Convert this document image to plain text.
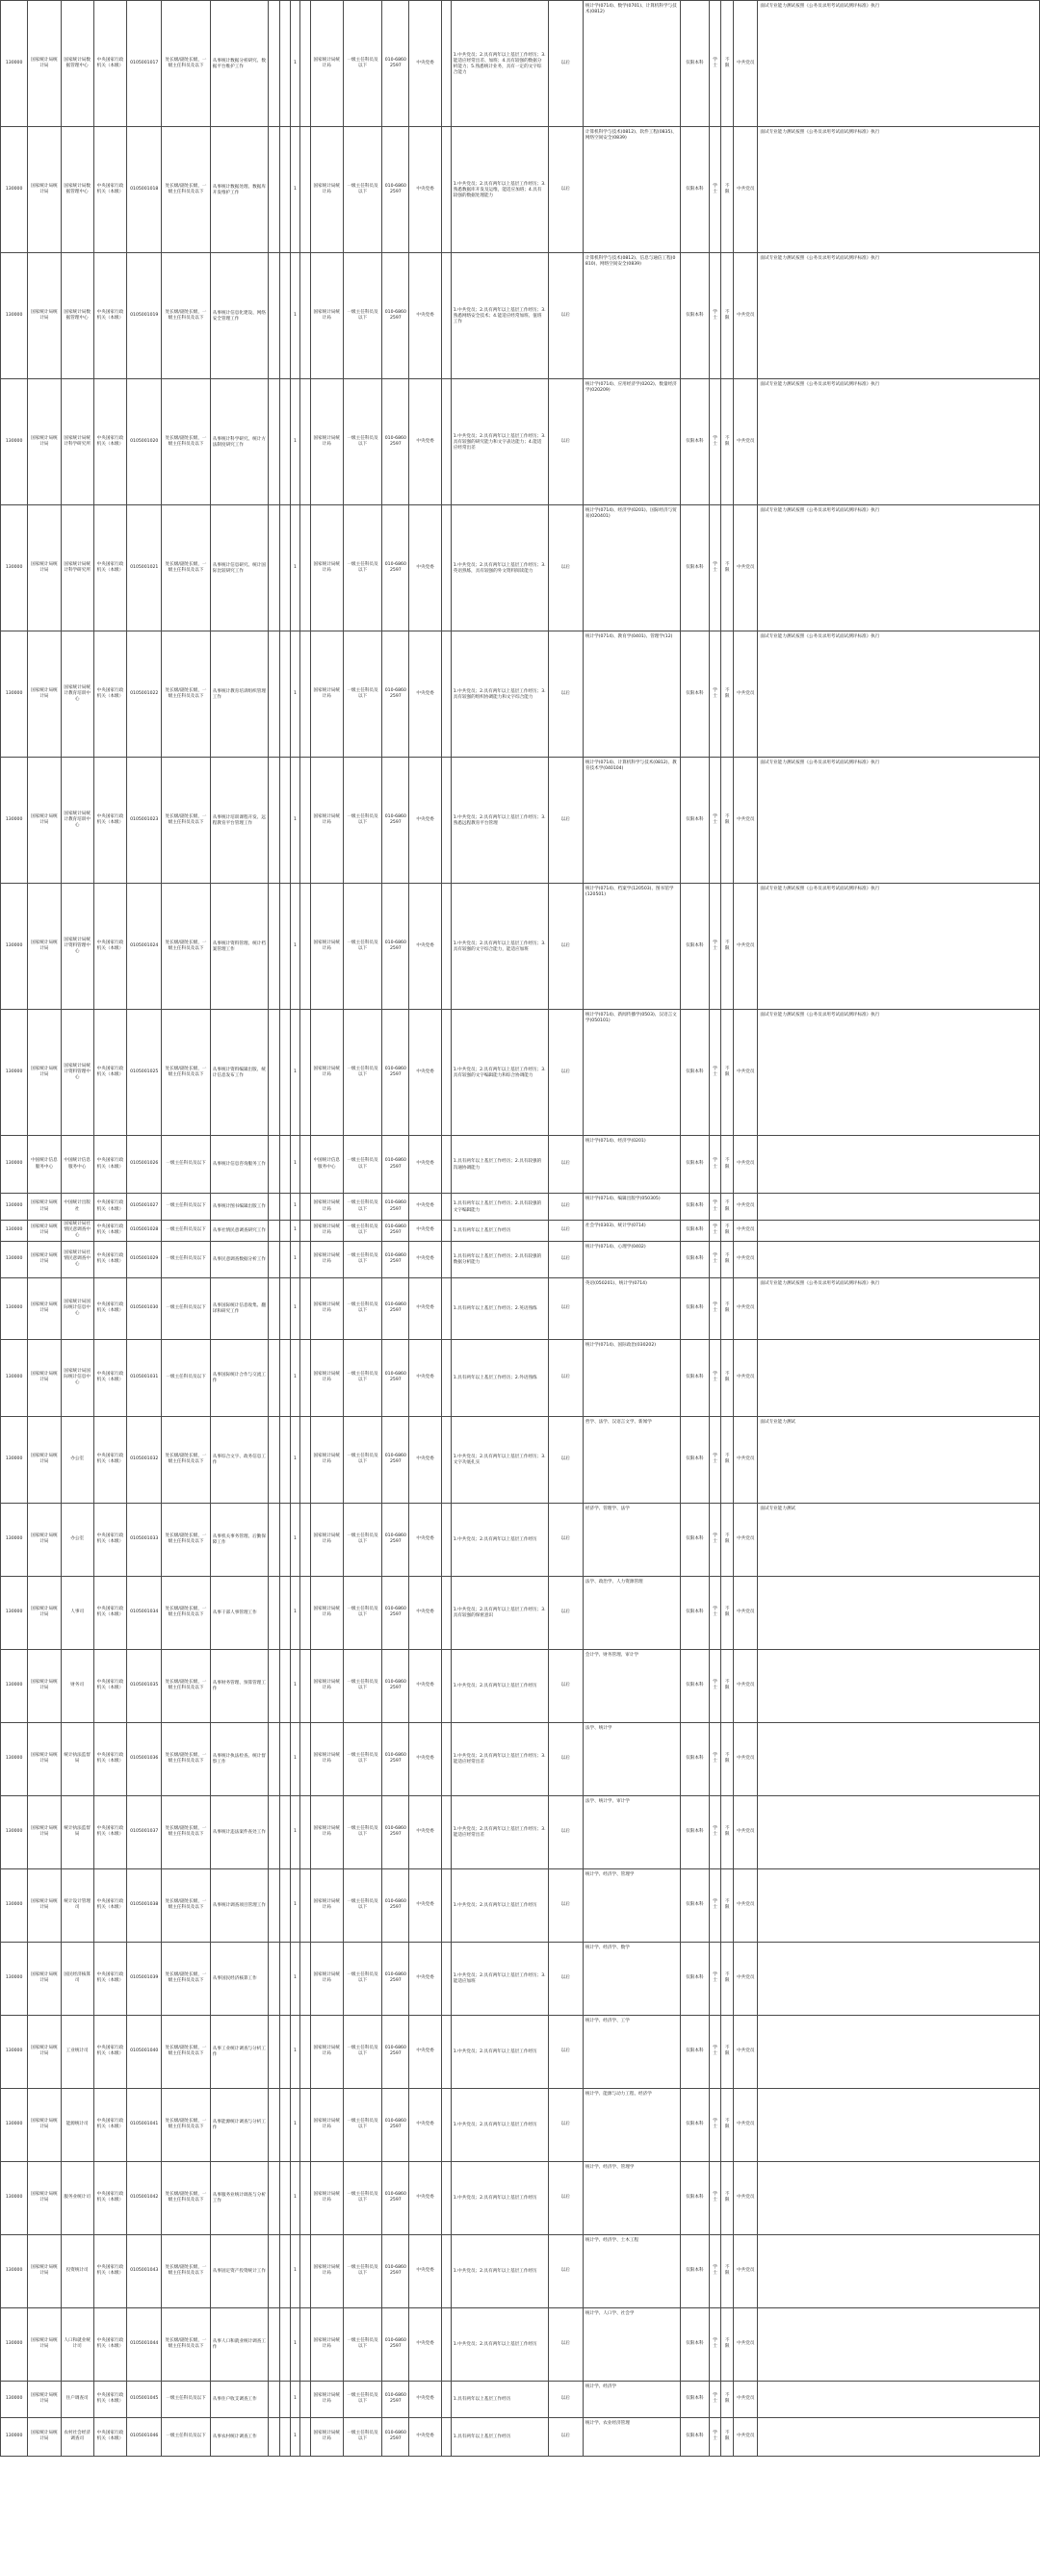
130000	国家统计局统计局	国家统计局数据管理中心	中央国家行政机关（本级）	0105001017	处长级/副处长级，一级主任科员及以下	从事统计数据分析研究、数据平台维护工作			1		国家统计局统计局	一级主任科员及以下	010-68602597	中央党委		1.中共党员；2.具有两年以上基层工作经历；3.能适应经常出差、加班；4.具有较强的数据分析能力；5.熟悉统计业务，具有一定的文字综合能力	以后	统计学(0714)、数学(0701)、计算机科学与技术(0812)	仅限本科	学士	不限	中共党员	面试专业能力测试按照《公务员录用考试面试测评标准》执行
130000	国家统计局统计局	国家统计局数据管理中心	中央国家行政机关（本级）	0105001018	处长级/副处长级，一级主任科员及以下	从事统计数据处理、数据库开发维护工作			1		国家统计局统计局	一级主任科员及以下	010-68602597	中央党委		1.中共党员；2.具有两年以上基层工作经历；3.熟悉数据库开发及运维，能适应加班；4.具有较强的数据处理能力	以后	计算机科学与技术(0812)、软件工程(0835)、网络空间安全(0839)	仅限本科	学士	不限	中共党员	面试专业能力测试按照《公务员录用考试面试测评标准》执行
130000	国家统计局统计局	国家统计局数据管理中心	中央国家行政机关（本级）	0105001019	处长级/副处长级，一级主任科员及以下	从事统计信息化建设、网络安全管理工作			1		国家统计局统计局	一级主任科员及以下	010-68602597	中央党委		1.中共党员；2.具有两年以上基层工作经历；3.熟悉网络安全技术；4.能适应经常加班、值班工作	以后	计算机科学与技术(0812)、信息与通信工程(0810)、网络空间安全(0839)	仅限本科	学士	不限	中共党员	面试专业能力测试按照《公务员录用考试面试测评标准》执行
130000	国家统计局统计局	国家统计局统计科学研究所	中央国家行政机关（本级）	0105001020	处长级/副处长级，一级主任科员及以下	从事统计科学研究、统计方法制度研究工作			1		国家统计局统计局	一级主任科员及以下	010-68602597	中央党委		1.中共党员；2.具有两年以上基层工作经历；3.具有较强的研究能力和文字表达能力；4.能适应经常出差	以后	统计学(0714)、应用经济学(0202)、数量经济学(020209)	仅限本科	学士	不限	中共党员	面试专业能力测试按照《公务员录用考试面试测评标准》执行
130000	国家统计局统计局	国家统计局统计科学研究所	中央国家行政机关（本级）	0105001021	处长级/副处长级，一级主任科员及以下	从事统计信息研究、统计国际比较研究工作			1		国家统计局统计局	一级主任科员及以下	010-68602597	中央党委		1.中共党员；2.具有两年以上基层工作经历；3.英语熟练，具有较强的外文资料阅读能力	以后	统计学(0714)、经济学(0201)、国际经济与贸易(020401)	仅限本科	学士	不限	中共党员	面试专业能力测试按照《公务员录用考试面试测评标准》执行
130000	国家统计局统计局	国家统计局统计教育培训中心	中央国家行政机关（本级）	0105001022	处长级/副处长级，一级主任科员及以下	从事统计教育培训组织管理工作			1		国家统计局统计局	一级主任科员及以下	010-68602597	中央党委		1.中共党员；2.具有两年以上基层工作经历；3.具有较强的组织协调能力和文字综合能力	以后	统计学(0714)、教育学(0401)、管理学(12)	仅限本科	学士	不限	中共党员	面试专业能力测试按照《公务员录用考试面试测评标准》执行
130000	国家统计局统计局	国家统计局统计教育培训中心	中央国家行政机关（本级）	0105001023	处长级/副处长级，一级主任科员及以下	从事统计培训课程开发、远程教育平台管理工作			1		国家统计局统计局	一级主任科员及以下	010-68602597	中央党委		1.中共党员；2.具有两年以上基层工作经历；3.熟悉远程教育平台管理	以后	统计学(0714)、计算机科学与技术(0812)、教育技术学(040104)	仅限本科	学士	不限	中共党员	面试专业能力测试按照《公务员录用考试面试测评标准》执行
130000	国家统计局统计局	国家统计局统计资料管理中心	中央国家行政机关（本级）	0105001024	处长级/副处长级，一级主任科员及以下	从事统计资料管理、统计档案管理工作			1		国家统计局统计局	一级主任科员及以下	010-68602597	中央党委		1.中共党员；2.具有两年以上基层工作经历；3.具有较强的文字综合能力，能适应加班	以后	统计学(0714)、档案学(120503)、图书馆学(120501)	仅限本科	学士	不限	中共党员	面试专业能力测试按照《公务员录用考试面试测评标准》执行
130000	国家统计局统计局	国家统计局统计资料管理中心	中央国家行政机关（本级）	0105001025	处长级/副处长级，一级主任科员及以下	从事统计资料编辑出版、统计信息发布工作			1		国家统计局统计局	一级主任科员及以下	010-68602597	中央党委		1.中共党员；2.具有两年以上基层工作经历；3.具有较强的文字编辑能力和综合协调能力	以后	统计学(0714)、新闻传播学(0503)、汉语言文学(050101)	仅限本科	学士	不限	中共党员	面试专业能力测试按照《公务员录用考试面试测评标准》执行
130000	中国统计信息服务中心	中国统计信息服务中心	中央国家行政机关（本级）	0105001026	一级主任科员及以下	从事统计信息咨询服务工作			1		中国统计信息服务中心	一级主任科员及以下	010-68602597	中央党委		1.具有两年以上基层工作经历；2.具有较强的沟通协调能力	以后	统计学(0714)、经济学(0201)	仅限本科	学士	不限	中共党员	
130000	国家统计局统计局	中国统计出版社	中央国家行政机关（本级）	0105001027	一级主任科员及以下	从事统计图书编辑出版工作			1		国家统计局统计局	一级主任科员及以下	010-68602597	中央党委		1.具有两年以上基层工作经历；2.具有较强的文字编辑能力	以后	统计学(0714)、编辑出版学(050305)	仅限本科	学士	不限	中共党员	
130000	国家统计局统计局	国家统计局社情民意调查中心	中央国家行政机关（本级）	0105001028	一级主任科员及以下	从事社情民意调查研究工作			1		国家统计局统计局	一级主任科员及以下	010-68602597	中央党委		1.具有两年以上基层工作经历	以后	社会学(0303)、统计学(0714)	仅限本科	学士	不限	中共党员	
130000	国家统计局统计局	国家统计局社情民意调查中心	中央国家行政机关（本级）	0105001029	一级主任科员及以下	从事民意调查数据分析工作			1		国家统计局统计局	一级主任科员及以下	010-68602597	中央党委		1.具有两年以上基层工作经历；2.具有较强的数据分析能力	以后	统计学(0714)、心理学(0402)	仅限本科	学士	不限	中共党员	
130000	国家统计局统计局	国家统计局国际统计信息中心	中央国家行政机关（本级）	0105001030	一级主任科员及以下	从事国际统计信息收集、翻译和研究工作			1		国家统计局统计局	一级主任科员及以下	010-68602597	中央党委		1.具有两年以上基层工作经历；2.英语熟练	以后	英语(050201)、统计学(0714)	仅限本科	学士	不限	中共党员	面试专业能力测试按照《公务员录用考试面试测评标准》执行
130000	国家统计局统计局	国家统计局国际统计信息中心	中央国家行政机关（本级）	0105001031	一级主任科员及以下	从事国际统计合作与交流工作			1		国家统计局统计局	一级主任科员及以下	010-68602597	中央党委		1.具有两年以上基层工作经历；2.外语熟练	以后	统计学(0714)、国际政治(030202)	仅限本科	学士	不限	中共党员	
130000	国家统计局统计局	办公室	中央国家行政机关（本级）	0105001032	处长级/副处长级，一级主任科员及以下	从事综合文字、政务信息工作			1		国家统计局统计局	一级主任科员及以下	010-68602597	中央党委		1.中共党员；2.具有两年以上基层工作经历；3.文字功底扎实	以后	哲学、法学、汉语言文学、新闻学	仅限本科	学士	不限	中共党员	面试专业能力测试
130000	国家统计局统计局	办公室	中央国家行政机关（本级）	0105001033	处长级/副处长级，一级主任科员及以下	从事机关事务管理、后勤保障工作			1		国家统计局统计局	一级主任科员及以下	010-68602597	中央党委		1.中共党员；2.具有两年以上基层工作经历	以后	经济学、管理学、法学	仅限本科	学士	不限	中共党员	面试专业能力测试
130000	国家统计局统计局	人事司	中央国家行政机关（本级）	0105001034	处长级/副处长级，一级主任科员及以下	从事干部人事管理工作			1		国家统计局统计局	一级主任科员及以下	010-68602597	中央党委		1.中共党员；2.具有两年以上基层工作经历；3.具有较强的保密意识	以后	法学、政治学、人力资源管理	仅限本科	学士	不限	中共党员	
130000	国家统计局统计局	财务司	中央国家行政机关（本级）	0105001035	处长级/副处长级，一级主任科员及以下	从事财务管理、预算管理工作			1		国家统计局统计局	一级主任科员及以下	010-68602597	中央党委		1.中共党员；2.具有两年以上基层工作经历	以后	会计学、财务管理、审计学	仅限本科	学士	不限	中共党员	
130000	国家统计局统计局	统计执法监督局	中央国家行政机关（本级）	0105001036	处长级/副处长级，一级主任科员及以下	从事统计执法检查、统计督察工作			1		国家统计局统计局	一级主任科员及以下	010-68602597	中央党委		1.中共党员；2.具有两年以上基层工作经历；3.能适应经常出差	以后	法学、统计学	仅限本科	学士	不限	中共党员	
130000	国家统计局统计局	统计执法监督局	中央国家行政机关（本级）	0105001037	处长级/副处长级，一级主任科员及以下	从事统计违法案件查处工作			1		国家统计局统计局	一级主任科员及以下	010-68602597	中央党委		1.中共党员；2.具有两年以上基层工作经历；3.能适应经常出差	以后	法学、统计学、审计学	仅限本科	学士	不限	中共党员	
130000	国家统计局统计局	统计设计管理司	中央国家行政机关（本级）	0105001038	处长级/副处长级，一级主任科员及以下	从事统计调查项目管理工作			1		国家统计局统计局	一级主任科员及以下	010-68602597	中央党委		1.中共党员；2.具有两年以上基层工作经历	以后	统计学、经济学、管理学	仅限本科	学士	不限	中共党员	
130000	国家统计局统计局	国民经济核算司	中央国家行政机关（本级）	0105001039	处长级/副处长级，一级主任科员及以下	从事国民经济核算工作			1		国家统计局统计局	一级主任科员及以下	010-68602597	中央党委		1.中共党员；2.具有两年以上基层工作经历；3.能适应加班	以后	统计学、经济学、数学	仅限本科	学士	不限	中共党员	
130000	国家统计局统计局	工业统计司	中央国家行政机关（本级）	0105001040	处长级/副处长级，一级主任科员及以下	从事工业统计调查与分析工作			1		国家统计局统计局	一级主任科员及以下	010-68602597	中央党委		1.中共党员；2.具有两年以上基层工作经历	以后	统计学、经济学、工学	仅限本科	学士	不限	中共党员	
130000	国家统计局统计局	能源统计司	中央国家行政机关（本级）	0105001041	处长级/副处长级，一级主任科员及以下	从事能源统计调查与分析工作			1		国家统计局统计局	一级主任科员及以下	010-68602597	中央党委		1.中共党员；2.具有两年以上基层工作经历	以后	统计学、能源与动力工程、经济学	仅限本科	学士	不限	中共党员	
130000	国家统计局统计局	服务业统计司	中央国家行政机关（本级）	0105001042	处长级/副处长级，一级主任科员及以下	从事服务业统计调查与分析工作			1		国家统计局统计局	一级主任科员及以下	010-68602597	中央党委		1.中共党员；2.具有两年以上基层工作经历	以后	统计学、经济学、管理学	仅限本科	学士	不限	中共党员	
130000	国家统计局统计局	投资统计司	中央国家行政机关（本级）	0105001043	处长级/副处长级，一级主任科员及以下	从事固定资产投资统计工作			1		国家统计局统计局	一级主任科员及以下	010-68602597	中央党委		1.中共党员；2.具有两年以上基层工作经历	以后	统计学、经济学、土木工程	仅限本科	学士	不限	中共党员	
130000	国家统计局统计局	人口和就业统计司	中央国家行政机关（本级）	0105001044	处长级/副处长级，一级主任科员及以下	从事人口和就业统计调查工作			1		国家统计局统计局	一级主任科员及以下	010-68602597	中央党委		1.中共党员；2.具有两年以上基层工作经历	以后	统计学、人口学、社会学	仅限本科	学士	不限	中共党员	
130000	国家统计局统计局	住户调查司	中央国家行政机关（本级）	0105001045	一级主任科员及以下	从事住户收支调查工作			1		国家统计局统计局	一级主任科员及以下	010-68602597	中央党委		1.具有两年以上基层工作经历	以后	统计学、经济学	仅限本科	学士	不限	中共党员	
130000	国家统计局统计局	农村社会经济调查司	中央国家行政机关（本级）	0105001046	一级主任科员及以下	从事农村统计调查工作			1		国家统计局统计局	一级主任科员及以下	010-68602597	中央党委		1.具有两年以上基层工作经历	以后	统计学、农业经济管理	仅限本科	学士	不限	中共党员	
